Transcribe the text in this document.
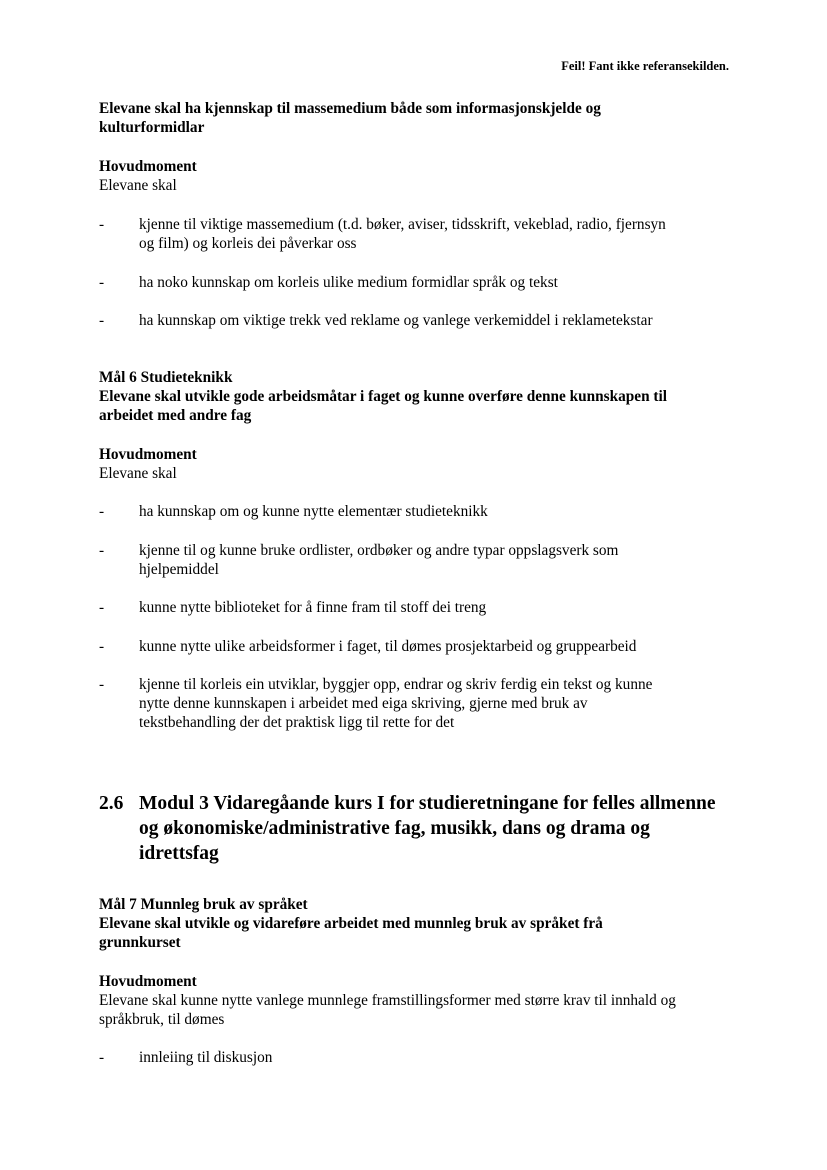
Feil! Fant ikke referansekilden.
Elevane skal ha kjennskap til massemedium både som informasjonskjelde og
kulturformidlar
Hovudmoment
Elevane skal
- kjenne til viktige massemedium (t.d. bøker, aviser, tidsskrift, vekeblad, radio, fjernsyn
og film) og korleis dei påverkar oss
- ha noko kunnskap om korleis ulike medium formidlar språk og tekst
- ha kunnskap om viktige trekk ved reklame og vanlege verkemiddel i reklametekstar
Mål 6 Studieteknikk
Elevane skal utvikle gode arbeidsmåtar i faget og kunne overføre denne kunnskapen til
arbeidet med andre fag
Hovudmoment
Elevane skal
- ha kunnskap om og kunne nytte elementær studieteknikk
- kjenne til og kunne bruke ordlister, ordbøker og andre typar oppslagsverk som
hjelpemiddel
- kunne nytte biblioteket for å finne fram til stoff dei treng
- kunne nytte ulike arbeidsformer i faget, til dømes prosjektarbeid og gruppearbeid
- kjenne til korleis ein utviklar, byggjer opp, endrar og skriv ferdig ein tekst og kunne
nytte denne kunnskapen i arbeidet med eiga skriving, gjerne med bruk av
tekstbehandling der det praktisk ligg til rette for det
2.6 Modul 3 Vidaregåande kurs I for studieretningane for felles allmenne
og økonomiske/administrative fag, musikk, dans og drama og
idrettsfag
Mål 7 Munnleg bruk av språket
Elevane skal utvikle og vidareføre arbeidet med munnleg bruk av språket frå
grunnkurset
Hovudmoment
Elevane skal kunne nytte vanlege munnlege framstillingsformer med større krav til innhald og
språkbruk, til dømes
- innleiing til diskusjon
